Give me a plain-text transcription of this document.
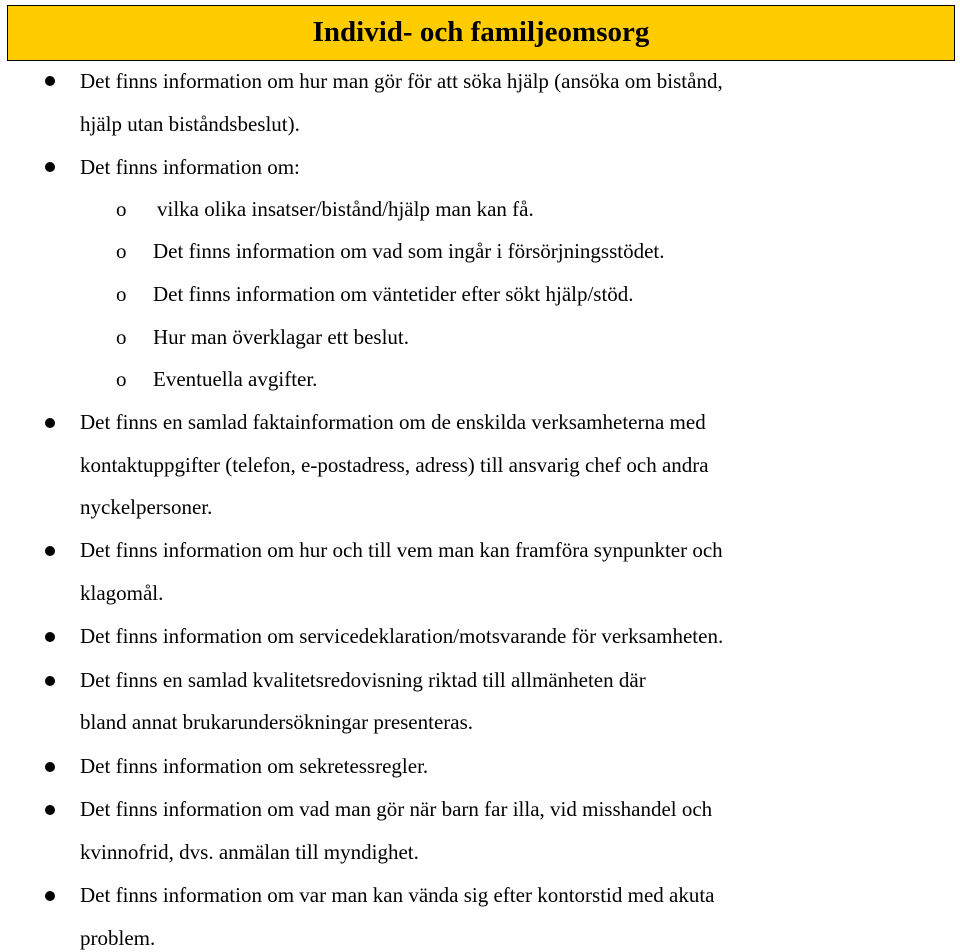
Individ- och familjeomsorg
Det finns information om hur man gör för att söka hjälp (ansöka om bistånd,
hjälp utan biståndsbeslut).
Det finns information om:
o vilka olika insatser/bistånd/hjälp man kan få.
o Det finns information om vad som ingår i försörjningsstödet.
o Det finns information om väntetider efter sökt hjälp/stöd.
o Hur man överklagar ett beslut.
o Eventuella avgifter.
Det finns en samlad faktainformation om de enskilda verksamheterna med
kontaktuppgifter (telefon, e-postadress, adress) till ansvarig chef och andra
nyckelpersoner.
Det finns information om hur och till vem man kan framföra synpunkter och
klagomål.
Det finns information om servicedeklaration/motsvarande för verksamheten.
Det finns en samlad kvalitetsredovisning riktad till allmänheten där
bland annat brukarundersökningar presenteras.
Det finns information om sekretessregler.
Det finns information om vad man gör när barn far illa, vid misshandel och
kvinnofrid, dvs. anmälan till myndighet.
Det finns information om var man kan vända sig efter kontorstid med akuta
problem.
